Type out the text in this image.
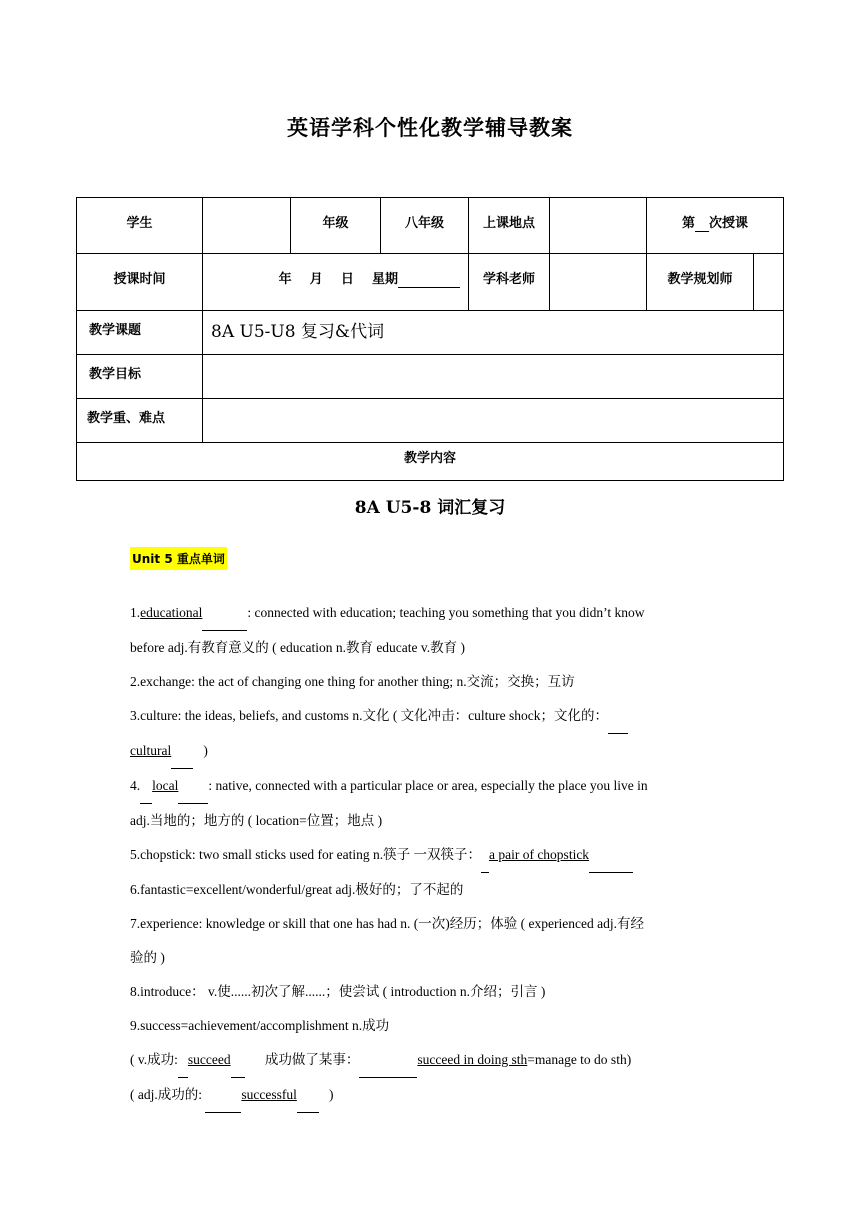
英语学科个性化教学辅导教案
学生		年级	八年级	上课地点		第 次授课	
授课时间	年 月 日 星期			学科老师		教学规划师	
教学课题	8A U5-U8 复习&代词						
教学目标							
教学重、难点							
教学内容							
8A U5-8 词汇复习
Unit 5 重点单词

1.educational	: connected with education; teaching you something that you didn’t know

before adj.有教育意义的 ( education n.教育 educate v.教育 )

2.exchange: the act of changing one thing for another thing; n.交流；交换；互访

3.culture: the ideas, beliefs, and customs n.文化 ( 文化冲击：culture shock；文化的：

cultural )

4. local : native, connected with a particular place or area, especially the place you live in

adj.当地的；地方的 ( location=位置；地点 )

5.chopstick: two small sticks used for eating n.筷子 一双筷子： a pair of chopstick

6.fantastic=excellent/wonderful/great adj.极好的；了不起的

7.experience: knowledge or skill that one has had n. (一次)经历；体验 ( experienced adj.有经

验的 )

8.introduce： v.使......初次了解......；使尝试 ( introduction n.介绍；引言 )

9.success=achievement/accomplishment n.成功

( v.成功: succeed	成功做了某事：	succeed in doing sth=manage to do sth)

( adj.成功的:	successful )
